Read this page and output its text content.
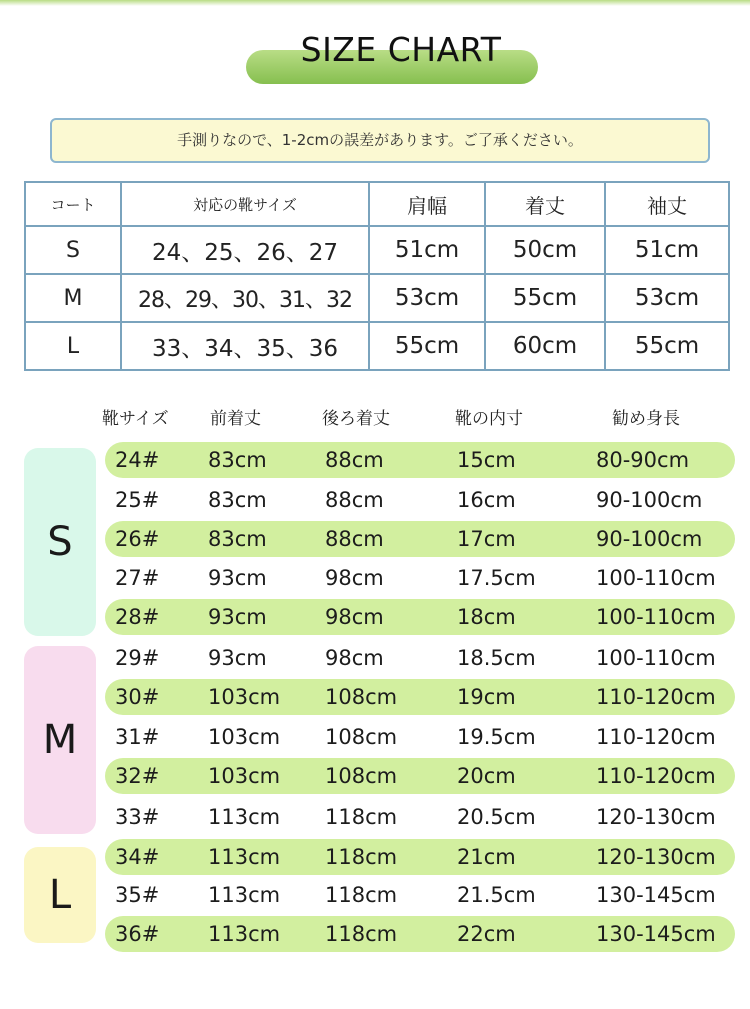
SIZE CHART
手測りなので、1-2cmの誤差があります。ご了承ください。
コート	対応の靴サイズ	肩幅	着丈	袖丈
S	24、25、26、27	51cm	50cm	51cm
M	28、29、30、31、32	53cm	55cm	53cm
L	33、34、35、36	55cm	60cm	55cm
靴サイズ 前着丈	後ろ着丈	靴の内寸	勧め身長
S
M
L
24# 83cm	88cm	15cm	80-90cm
25# 83cm	88cm	16cm	90-100cm
26# 83cm	88cm	17cm	90-100cm
27# 93cm	98cm	17.5cm	100-110cm
28# 93cm	98cm	18cm	100-110cm
29# 93cm	98cm	18.5cm	100-110cm
30# 103cm 108cm	19cm	110-120cm
31# 103cm 108cm	19.5cm	110-120cm
32# 103cm 108cm	20cm	110-120cm
33# 113cm 118cm	20.5cm	120-130cm
34# 113cm 118cm	21cm	120-130cm
35# 113cm 118cm	21.5cm	130-145cm
36# 113cm 118cm	22cm	130-145cm
